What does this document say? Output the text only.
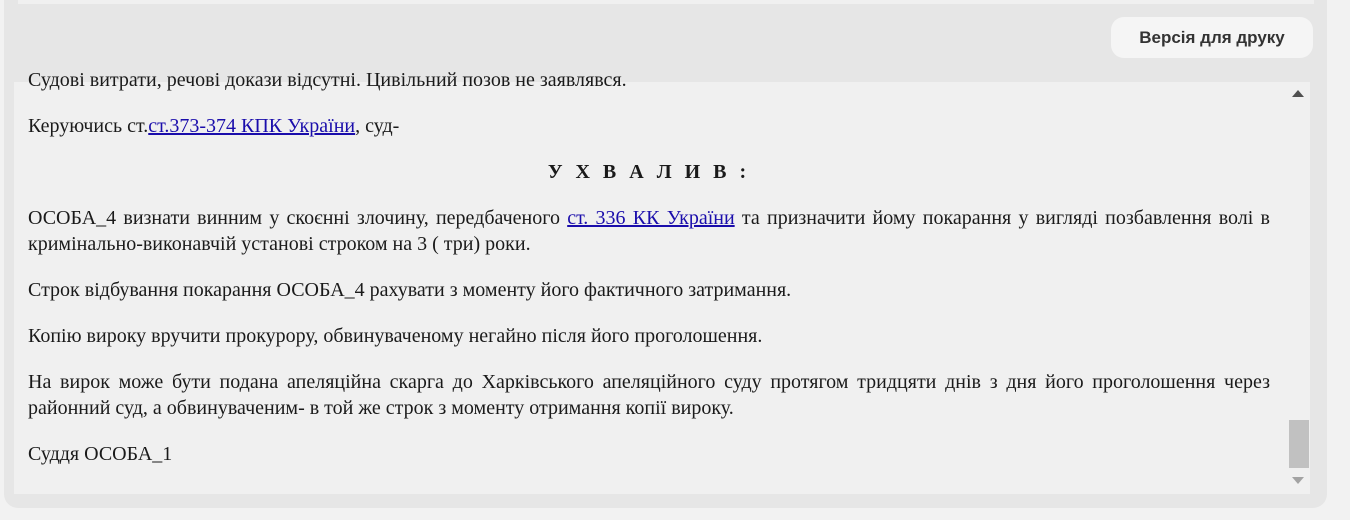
Версія для друку

Судові витрати, речові докази відсутні. Цивільний позов не заявлявся.

Керуючись ст.ст.373-374 КПК України, суд-

У Х В А Л И В :

ОСОБА_4 визнати винним у скоєнні злочину, передбаченого ст. 336 КК України та призначити йому покарання у вигляді позбавлення волі в кримінально-виконавчій установі строком на 3 ( три) роки.

Строк відбування покарання ОСОБА_4 рахувати з моменту його фактичного затримання.

Копію вироку вручити прокурору, обвинуваченому негайно після його проголошення.

На вирок може бути подана апеляційна скарга до Харківського апеляційного суду протягом тридцяти днів з дня його проголошення через районний суд, а обвинуваченим- в той же строк з моменту отримання копії вироку.

Суддя ОСОБА_1
